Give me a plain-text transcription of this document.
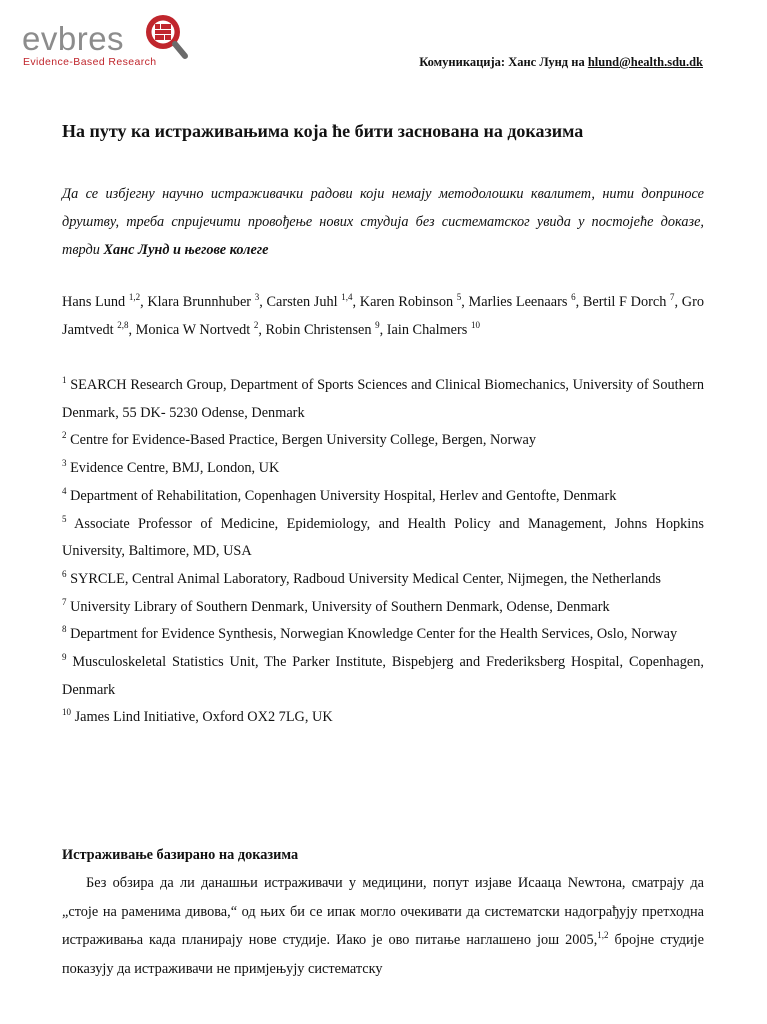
evbres
Evidence-Based Research	Комуникација: Ханс Лунд на hlund@health.sdu.dk
На путу ка истраживањима која ће бити заснована на доказима

Да се избјегну научно истраживачки радови који немају методолошки квалитет, нити доприносе друштву, треба спријечити провођење нових студија без систематског увида у постојеће доказе, тврди Ханс Лунд и његове колеге

Hans Lund $^{1,2}$, Klara Brunnhuber $^3$, Carsten Juhl $^{1,4}$, Karen Robinson $^5$, Marlies Leenaars $^6$, Bertil F Dorch $^7$, Gro Jamtvedt $^{2,8}$, Monica W Nortvedt $^2$, Robin Christensen $^9$, Iain Chalmers $^{10}$

$^1$ SEARCH Research Group, Department of Sports Sciences and Clinical Biomechanics, University of Southern Denmark, 55 DK- 5230 Odense, Denmark

$^2$ Centre for Evidence-Based Practice, Bergen University College, Bergen, Norway

$^3$ Evidence Centre, BMJ, London, UK

$^4$ Department of Rehabilitation, Copenhagen University Hospital, Herlev and Gentofte, Denmark

$^5$ Associate Professor of Medicine, Epidemiology, and Health Policy and Management, Johns Hopkins University, Baltimore, MD, USA

$^6$ SYRCLE, Central Animal Laboratory, Radboud University Medical Center, Nijmegen, the Netherlands

$^7$ University Library of Southern Denmark, University of Southern Denmark, Odense, Denmark

$^8$ Department for Evidence Synthesis, Norwegian Knowledge Center for the Health Services, Oslo, Norway

$^9$ Musculoskeletal Statistics Unit, The Parker Institute, Bispebjerg and Frederiksberg Hospital, Copenhagen, Denmark

$^{10}$ James Lind Initiative, Oxford OX2 7LG, UK

Истраживање базирано на доказима

Без обзира да ли данашњи истраживачи у медицини, попут изјаве Исаацa Newтона, сматрају да „стоје на раменима дивова,“ од њих би се ипак могло очекивати да систематски надограђују претходна истраживања када планирају нове студије. Иако је ово питање наглашено још 2005,$^{1,2}$ бројне студије показују да истраживачи не примјењују систематску
